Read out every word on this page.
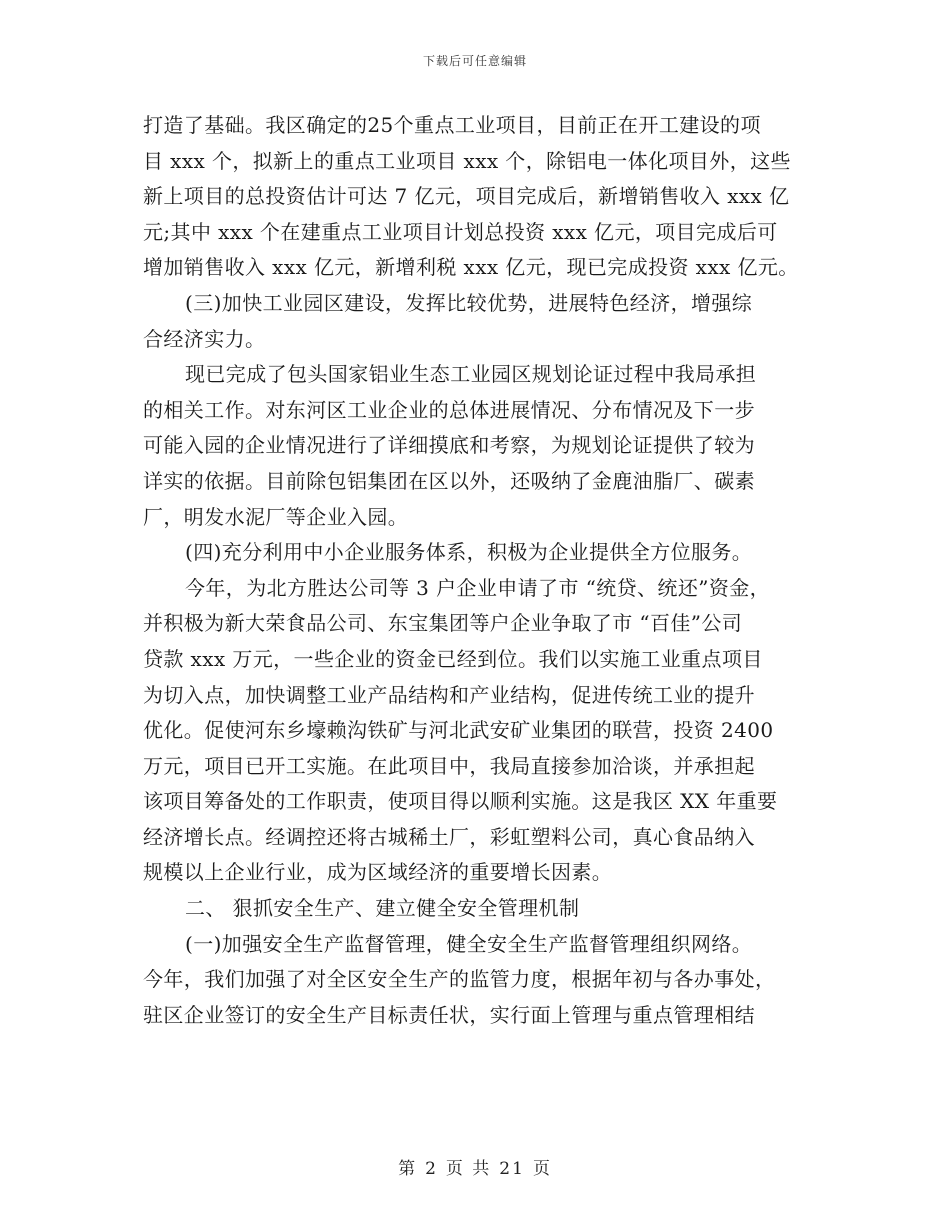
下载后可任意编辑
打造了基础。我区确定的25个重点工业项目，目前正在开工建设的项
目 xxx 个，拟新上的重点工业项目 xxx 个，除铝电一体化项目外，这些
新上项目的总投资估计可达 7 亿元，项目完成后，新增销售收入 xxx 亿
元;其中 xxx 个在建重点工业项目计划总投资 xxx 亿元，项目完成后可
增加销售收入 xxx 亿元，新增利税 xxx 亿元，现已完成投资 xxx 亿元。
(三)加快工业园区建设，发挥比较优势，进展特色经济，增强综
合经济实力。
现已完成了包头国家铝业生态工业园区规划论证过程中我局承担
的相关工作。对东河区工业企业的总体进展情况、分布情况及下一步
可能入园的企业情况进行了详细摸底和考察，为规划论证提供了较为
详实的依据。目前除包铝集团在区以外，还吸纳了金鹿油脂厂、碳素
厂，明发水泥厂等企业入园。
(四)充分利用中小企业服务体系，积极为企业提供全方位服务。
今年，为北方胜达公司等 3 户企业申请了市 “统贷、统还”资金，
并积极为新大荣食品公司、东宝集团等户企业争取了市 “百佳”公司
贷款 xxx 万元，一些企业的资金已经到位。我们以实施工业重点项目
为切入点，加快调整工业产品结构和产业结构，促进传统工业的提升
优化。促使河东乡壕赖沟铁矿与河北武安矿业集团的联营，投资 2400
万元，项目已开工实施。在此项目中，我局直接参加洽谈，并承担起
该项目筹备处的工作职责，使项目得以顺利实施。这是我区 XX 年重要
经济增长点。经调控还将古城稀土厂，彩虹塑料公司，真心食品纳入
规模以上企业行业，成为区域经济的重要增长因素。
二、 狠抓安全生产、建立健全安全管理机制
(一)加强安全生产监督管理，健全安全生产监督管理组织网络。
今年，我们加强了对全区安全生产的监管力度，根据年初与各办事处，
驻区企业签订的安全生产目标责任状，实行面上管理与重点管理相结
第 2 页 共 21 页
